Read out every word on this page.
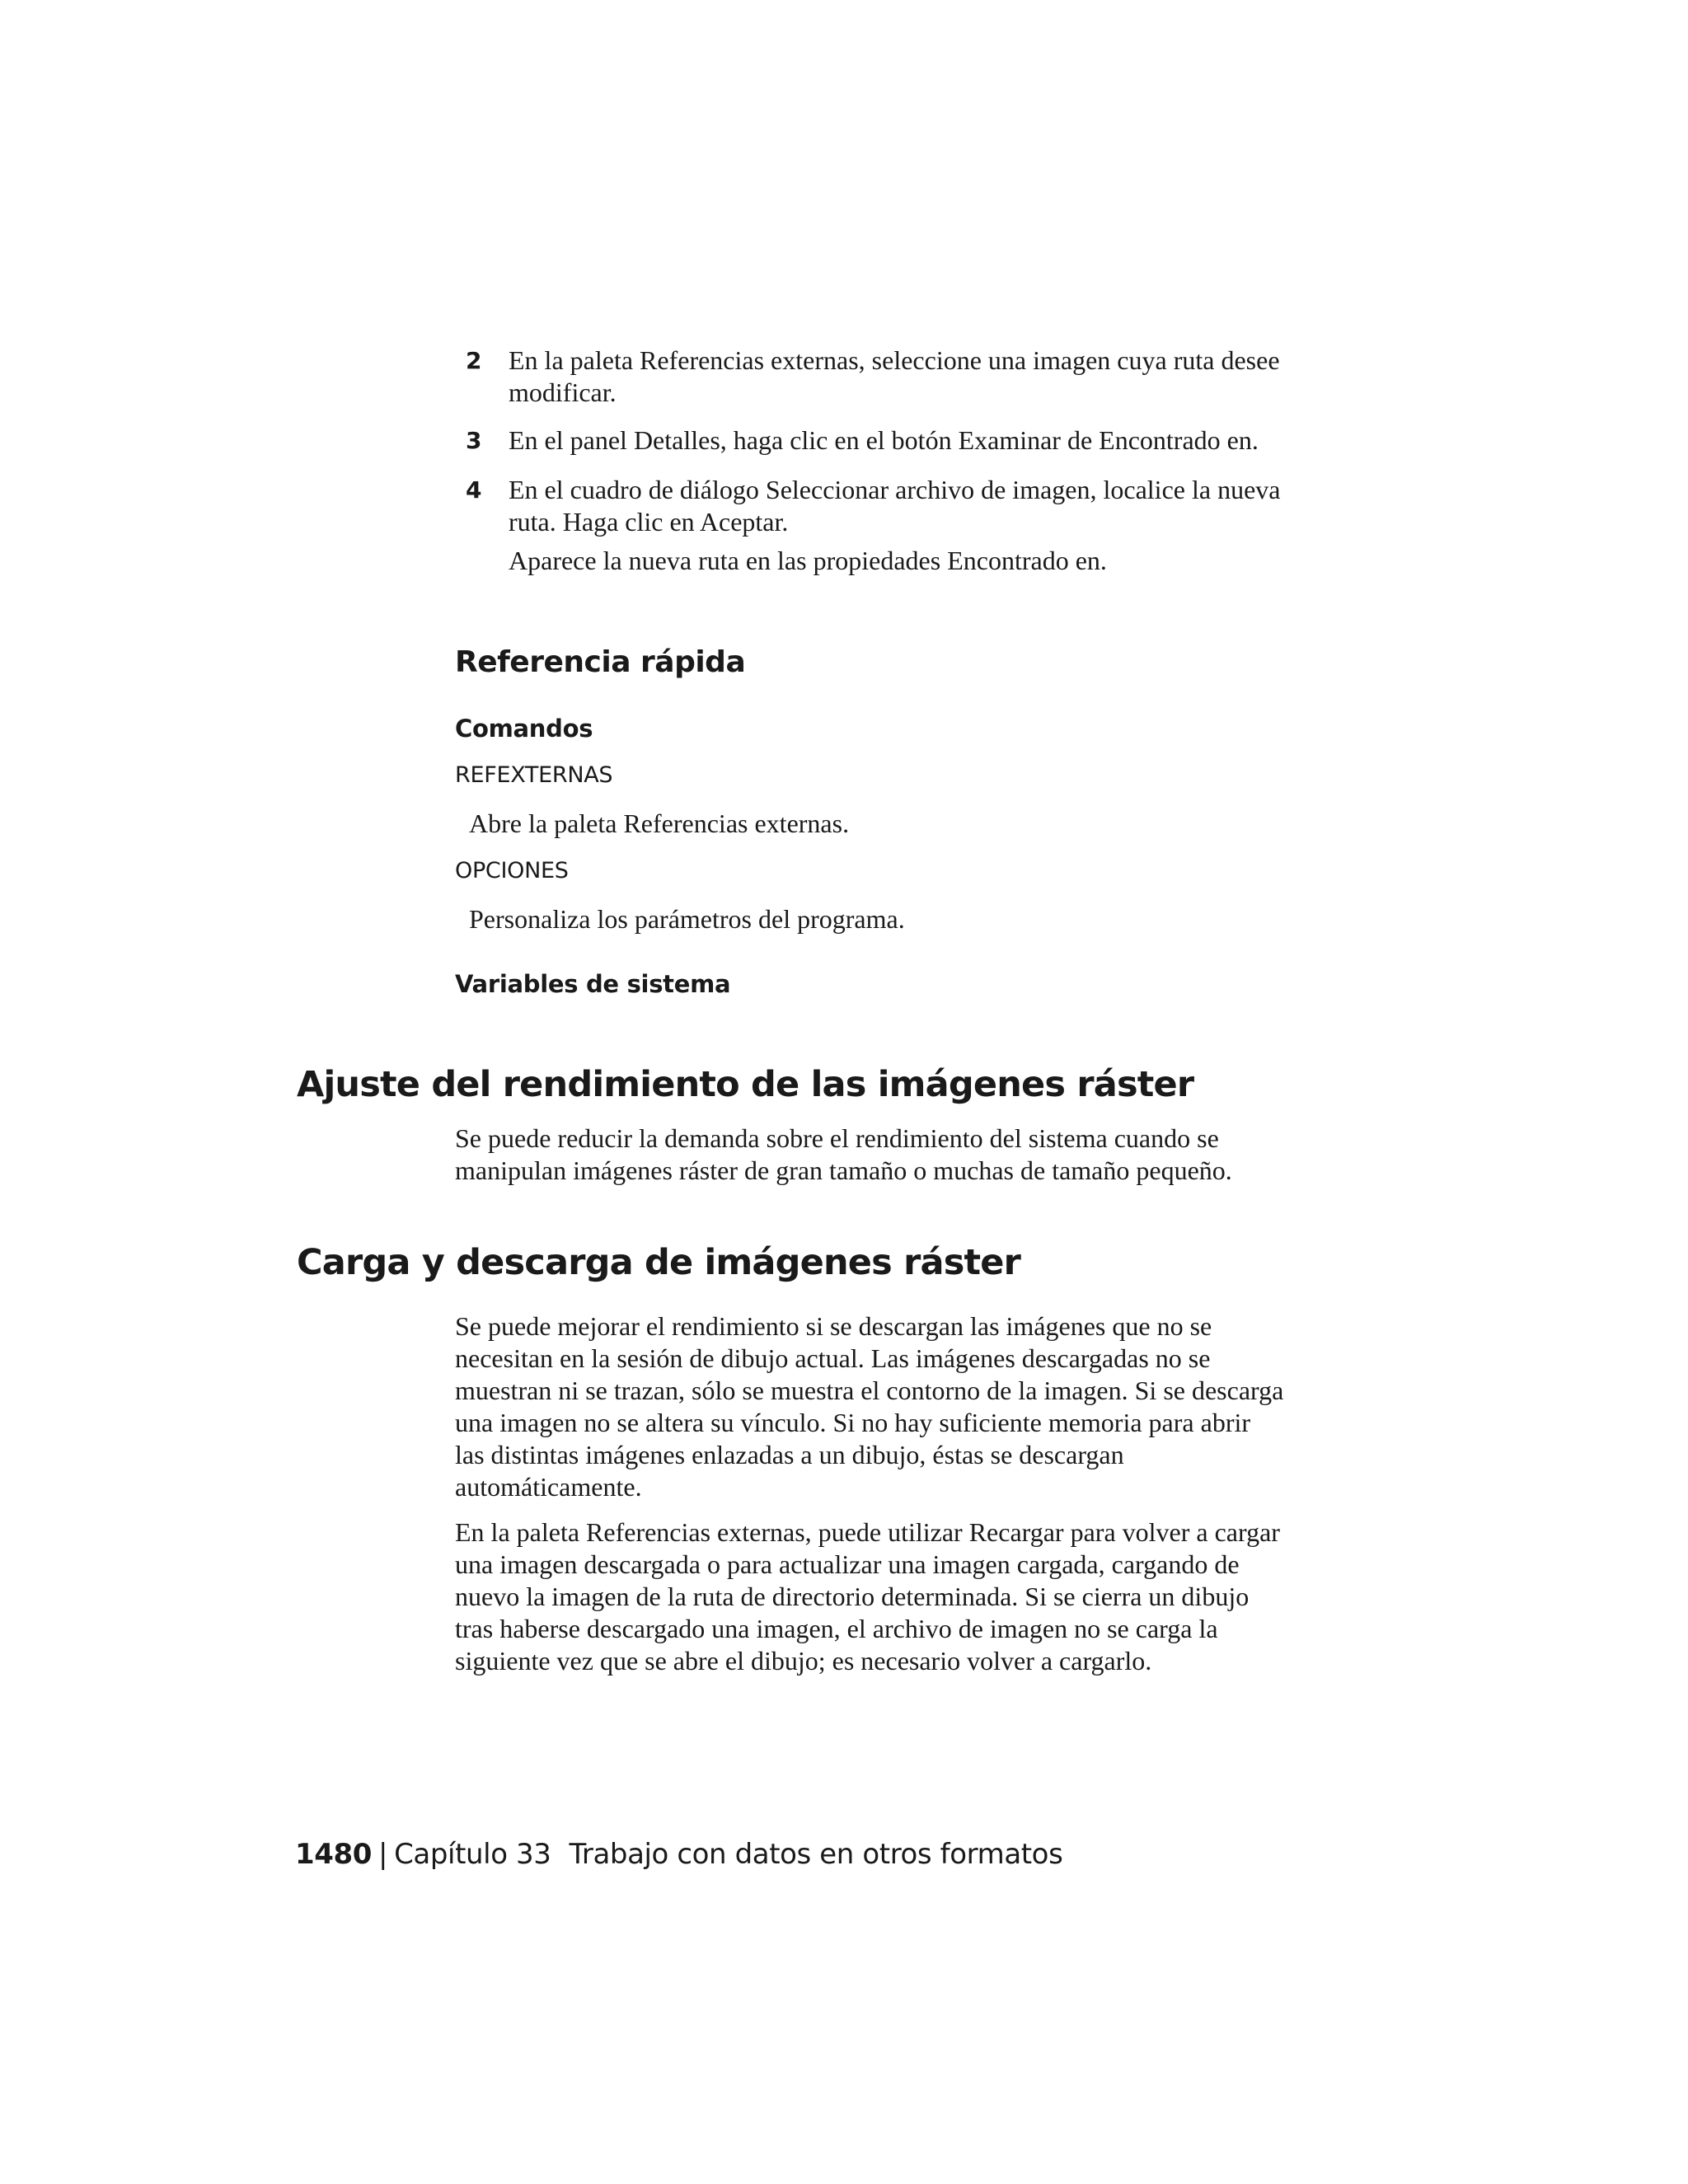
2	En la paleta Referencias externas, seleccione una imagen cuya ruta desee
modificar.
3	En el panel Detalles, haga clic en el botón Examinar de Encontrado en.
4	En el cuadro de diálogo Seleccionar archivo de imagen, localice la nueva
ruta. Haga clic en Aceptar.
Aparece la nueva ruta en las propiedades Encontrado en.
Referencia rápida
Comandos
REFEXTERNAS
Abre la paleta Referencias externas.
OPCIONES
Personaliza los parámetros del programa.
Variables de sistema
Ajuste del rendimiento de las imágenes ráster
Se puede reducir la demanda sobre el rendimiento del sistema cuando se
manipulan imágenes ráster de gran tamaño o muchas de tamaño pequeño.
Carga y descarga de imágenes ráster
Se puede mejorar el rendimiento si se descargan las imágenes que no se
necesitan en la sesión de dibujo actual. Las imágenes descargadas no se
muestran ni se trazan, sólo se muestra el contorno de la imagen. Si se descarga
una imagen no se altera su vínculo. Si no hay suficiente memoria para abrir
las distintas imágenes enlazadas a un dibujo, éstas se descargan
automáticamente.
En la paleta Referencias externas, puede utilizar Recargar para volver a cargar
una imagen descargada o para actualizar una imagen cargada, cargando de
nuevo la imagen de la ruta de directorio determinada. Si se cierra un dibujo
tras haberse descargado una imagen, el archivo de imagen no se carga la
siguiente vez que se abre el dibujo; es necesario volver a cargarlo.
1480 | Capítulo 33 Trabajo con datos en otros formatos
